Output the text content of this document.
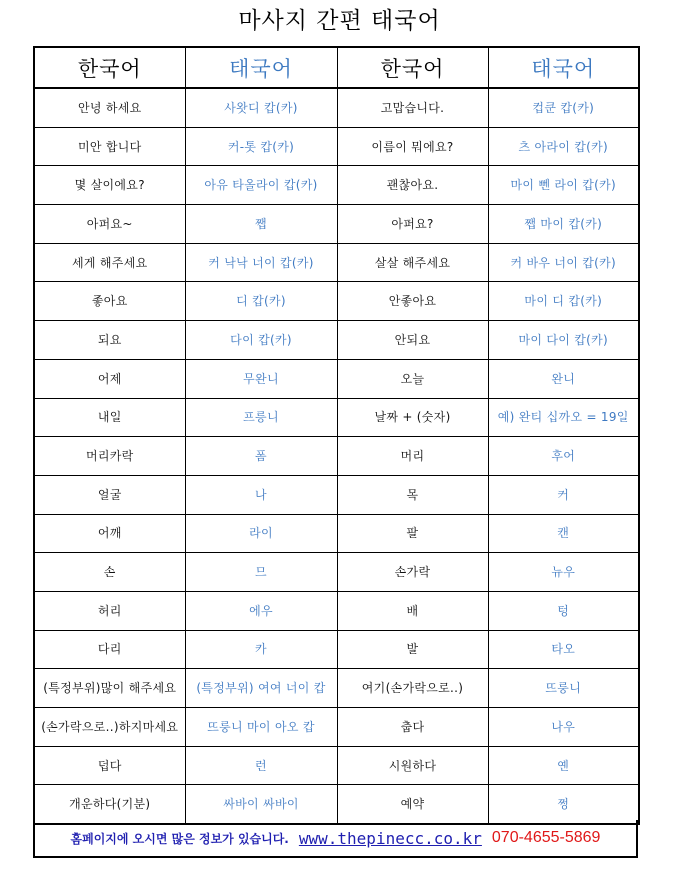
마사지 간편 태국어
한국어	태국어	한국어	태국어
안녕 하세요	사왓디 캅(카)	고맙습니다.	컵쿤 캅(카)
미안 합니다	커-톳 캅(카)	이름이 뭐에요?	츠 아라이 캅(카)
몇 살이에요?	아유 타올라이 캅(카)	괜찮아요.	마이 뻰 라이 캅(카)
아퍼요~	쨉	아퍼요?	쨉 마이 캅(카)
세게 해주세요	커 낙낙 너이 캅(카)	살살 해주세요	커 바우 너이 캅(카)
좋아요	디 캅(카)	안좋아요	마이 디 캅(카)
되요	다이 캅(카)	안되요	마이 다이 캅(카)
어제	무완니	오늘	완니
내일	프릉니	날짜 + (숫자)	예) 완티 십까오 = 19일
머리카락	폼	머리	후어
얼굴	나	목	커
어깨	라이	팔	캔
손	므	손가락	뉴우
허리	에우	배	텅
다리	카	발	타오
(특정부위)많이 해주세요	(특정부위) 여여 너이 캅	여기(손가락으로..)	뜨룽니
(손가락으로..)하지마세요	뜨룽니 마이 아오 캅	춥다	나우
덥다	런	시원하다	옌
개운하다(기분)	싸바이 싸바이	예약	쩡
홈페이지에 오시면 많은 정보가 있습니다. www.thepinecc.co.kr 070-4655-5869
